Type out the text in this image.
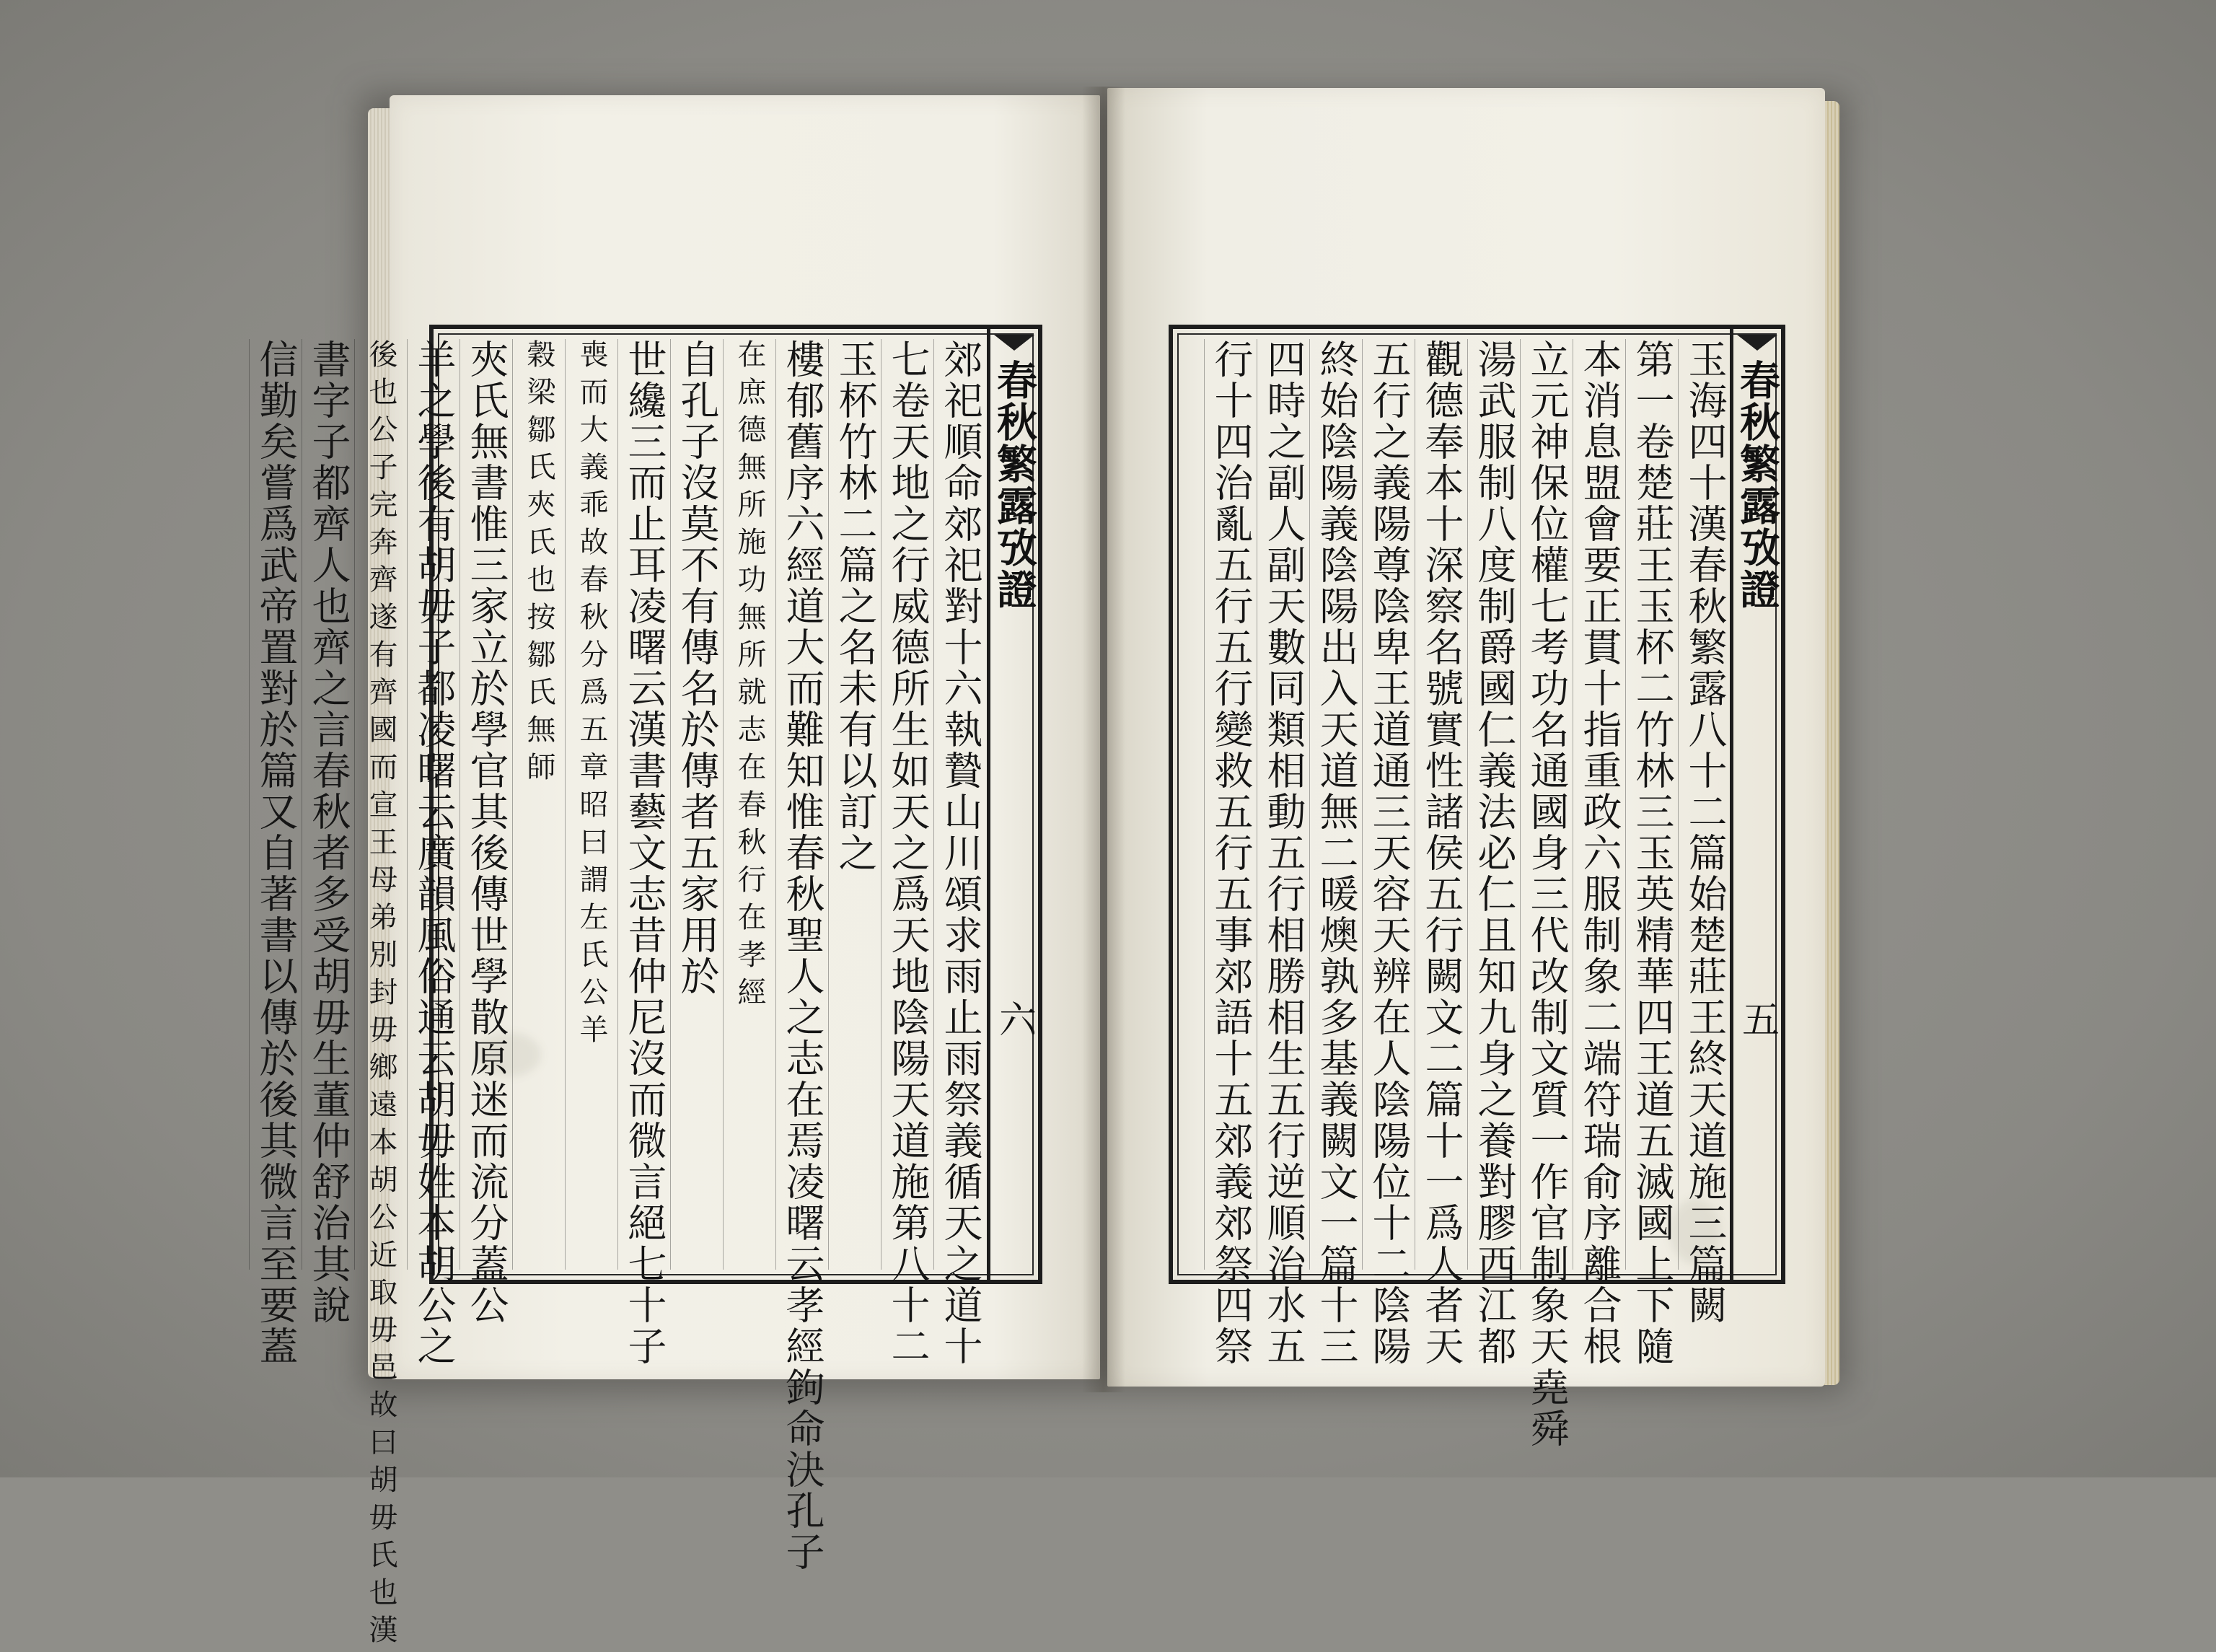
春秋繁露攷證
六
郊祀順命郊祀對十六執贄山川頌求雨止雨祭義循天之道十
七卷天地之行威德所生如天之爲天地陰陽天道施第八十二
玉杯竹林二篇之名未有以訂之
樓郁舊序六經道大而難知惟春秋聖人之志在焉凌曙云孝經鉤命決孔子
在庶德無所施功無所就志在春秋行在孝經
自孔子沒莫不有傳名於傳者五家用於
世纔三而止耳凌曙云漢書藝文志昔仲尼沒而微言絕七十子
喪而大義乖故春秋分爲五章昭曰謂左氏公羊
穀梁鄒氏夾氏也按鄒氏無師
夾氏無書惟三家立於學官其後傳世學散原迷而流分蓋公
羊之學後有胡毋子都凌曙云廣韻風俗通云胡毋姓本胡公之
後也公子完奔齊遂有齊國而宣王母弟別封毋鄉遠本胡公近取毋邑故曰胡毋氏也漢
書字子都齊人也齊之言春秋者多受胡毋生董仲舒治其說
信勤矣嘗爲武帝置對於篇又自著書以傳於後其微言至要蓋	春秋繁露攷證
五
玉海四十漢春秋繁露八十二篇始楚莊王終天道施三篇闕
第一卷楚莊王玉杯二竹林三玉英精華四王道五滅國上下隨
本消息盟會要正貫十指重政六服制象二端符瑞俞序離合根
立元神保位權七考功名通國身三代改制文質一作官制象天堯舜
湯武服制八度制爵國仁義法必仁且知九身之養對膠西江都
觀德奉本十深察名號實性諸侯五行闕文二篇十一爲人者天
五行之義陽尊陰卑王道通三天容天辨在人陰陽位十二陰陽
終始陰陽義陰陽出入天道無二暖燠孰多基義闕文一篇十三
四時之副人副天數同類相動五行相勝相生五行逆順治水五
行十四治亂五行五行變救五行五事郊語十五郊義郊祭四祭
